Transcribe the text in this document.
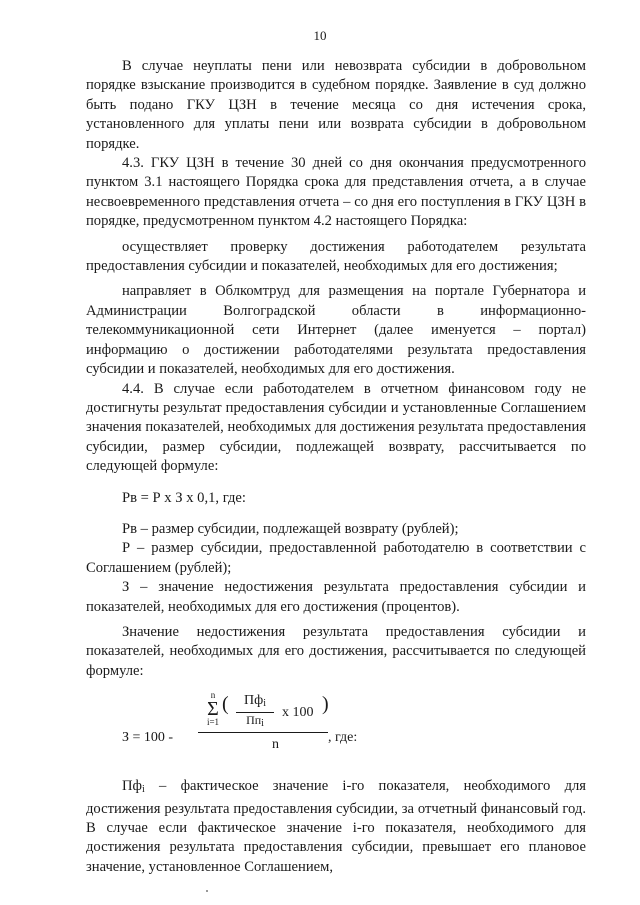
10

В случае неуплаты пени или невозврата субсидии в добровольном порядке взыскание производится в судебном порядке. Заявление в суд должно быть подано ГКУ ЦЗН в течение месяца со дня истечения срока, установленного для уплаты пени или возврата субсидии в добровольном порядке.

4.3. ГКУ ЦЗН в течение 30 дней со дня окончания предусмотренного пунктом 3.1 настоящего Порядка срока для представления отчета, а в случае несвоевременного представления отчета – со дня его поступления в ГКУ ЦЗН в порядке, предусмотренном пунктом 4.2 настоящего Порядка:

осуществляет проверку достижения работодателем результата предоставления субсидии и показателей, необходимых для его достижения;

направляет в Облкомтруд для размещения на портале Губернатора и Администрации Волгоградской области в информационно-телекоммуникационной сети Интернет (далее именуется – портал) информацию о достижении работодателями результата предоставления субсидии и показателей, необходимых для его достижения.

4.4. В случае если работодателем в отчетном финансовом году не достигнуты результат предоставления субсидии и установленные Соглашением значения показателей, необходимых для достижения результата предоставления субсидии, размер субсидии, подлежащей возврату, рассчитывается по следующей формуле:

Рв = Р х З х 0,1, где:

Рв – размер субсидии, подлежащей возврату (рублей);

Р – размер субсидии, предоставленной работодателю в соответствии с Соглашением (рублей);

З – значение недостижения результата предоставления субсидии и показателей, необходимых для его достижения (процентов).

Значение недостижения результата предоставления субсидии и показателей, необходимых для его достижения, рассчитывается по следующей формуле:

З = 100 -
n
Σ
i=1
(	$Пф_i$
$Пп_i$
х 100 )
n	, где:

$Пф_i$ – фактическое значение i-го показателя, необходимого для достижения результата предоставления субсидии, за отчетный финансовый год. В случае если фактическое значение i-го показателя, необходимого для достижения результата предоставления субсидии, превышает его плановое значение, установленное Соглашением,
